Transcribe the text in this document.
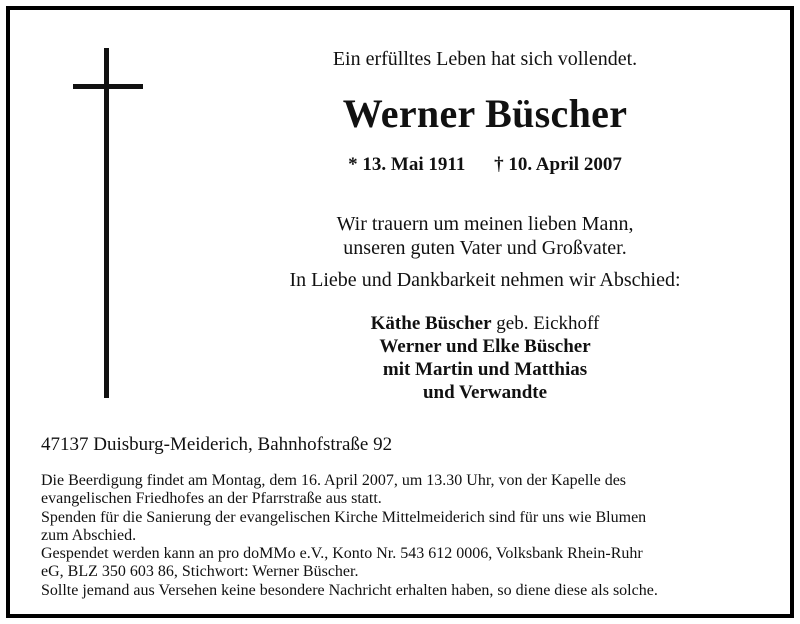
Ein erfülltes Leben hat sich vollendet.
Werner Büscher
* 13. Mai 1911 † 10. April 2007
Wir trauern um meinen lieben Mann,
unseren guten Vater und Großvater.
In Liebe und Dankbarkeit nehmen wir Abschied:
Käthe Büscher geb. Eickhoff
Werner und Elke Büscher
mit Martin und Matthias
und Verwandte
47137 Duisburg-Meiderich, Bahnhofstraße 92
Die Beerdigung findet am Montag, dem 16. April 2007, um 13.30 Uhr, von der Kapelle des
evangelischen Friedhofes an der Pfarrstraße aus statt.
Spenden für die Sanierung der evangelischen Kirche Mittelmeiderich sind für uns wie Blumen
zum Abschied.
Gespendet werden kann an pro doMMo e.V., Konto Nr. 543 612 0006, Volksbank Rhein-Ruhr
eG, BLZ 350 603 86, Stichwort: Werner Büscher.
Sollte jemand aus Versehen keine besondere Nachricht erhalten haben, so diene diese als solche.
